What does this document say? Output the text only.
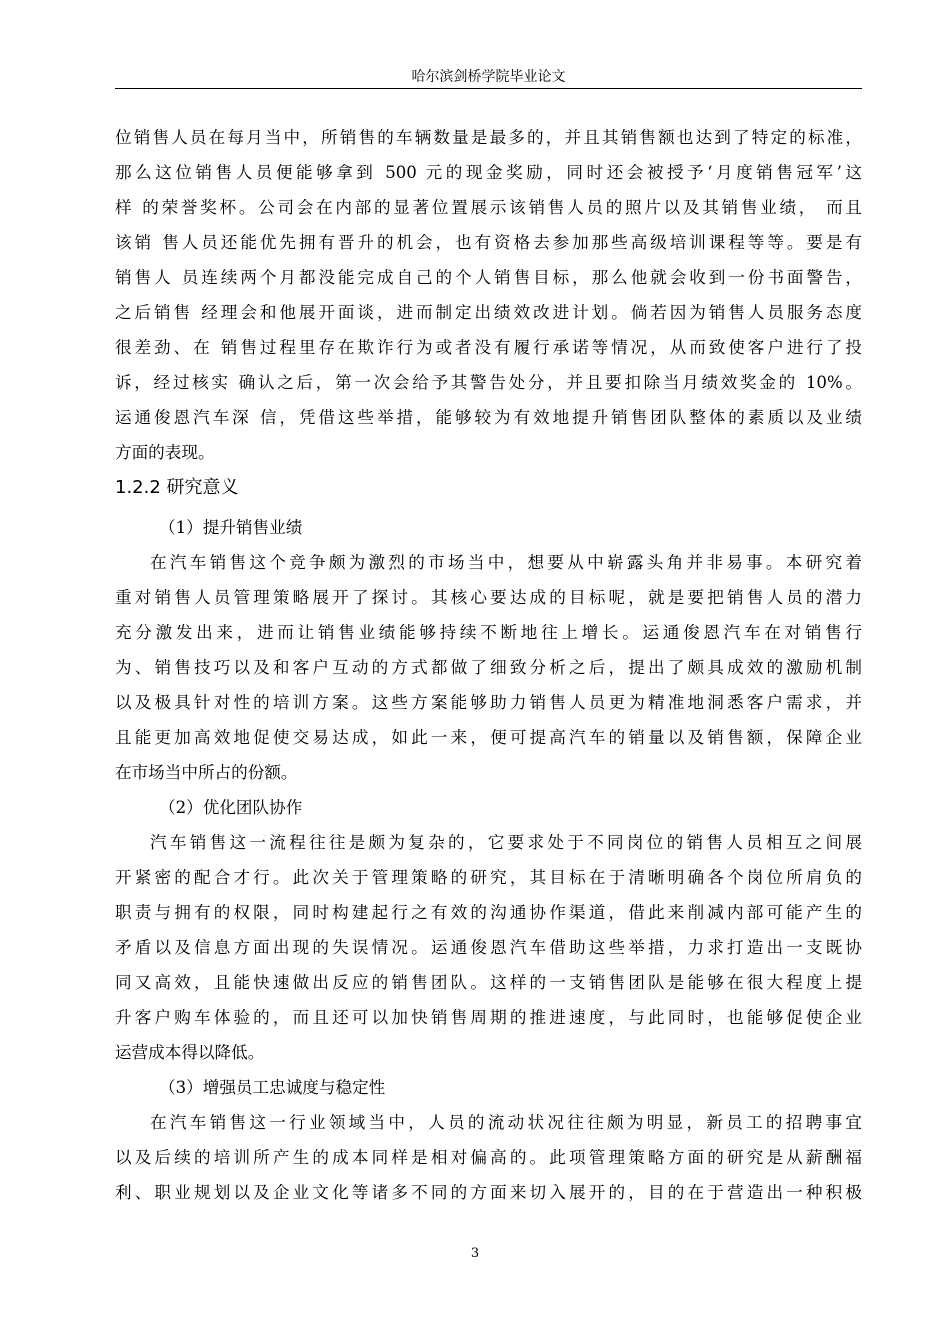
哈尔滨剑桥学院毕业论文
位销售人员在每月当中，所销售的车辆数量是最多的，并且其销售额也达到了特定的标准，
那么这位销售人员便能够拿到 500 元的现金奖励，同时还会被授予‘月度销售冠军’这
样 的荣誉奖杯。公司会在内部的显著位置展示该销售人员的照片以及其销售业绩， 而且
该销 售人员还能优先拥有晋升的机会，也有资格去参加那些高级培训课程等等。要是有
销售人 员连续两个月都没能完成自己的个人销售目标，那么他就会收到一份书面警告，
之后销售 经理会和他展开面谈，进而制定出绩效改进计划。倘若因为销售人员服务态度
很差劲、在 销售过程里存在欺诈行为或者没有履行承诺等情况，从而致使客户进行了投
诉，经过核实 确认之后，第一次会给予其警告处分，并且要扣除当月绩效奖金的 10%。
运通俊恩汽车深 信，凭借这些举措，能够较为有效地提升销售团队整体的素质以及业绩
方面的表现。
1.2.2 研究意义
（1）提升销售业绩
在汽车销售这个竞争颇为激烈的市场当中，想要从中崭露头角并非易事。本研究着
重对销售人员管理策略展开了探讨。其核心要达成的目标呢，就是要把销售人员的潜力
充分激发出来，进而让销售业绩能够持续不断地往上增长。运通俊恩汽车在对销售行
为、销售技巧以及和客户互动的方式都做了细致分析之后，提出了颇具成效的激励机制
以及极具针对性的培训方案。这些方案能够助力销售人员更为精准地洞悉客户需求，并
且能更加高效地促使交易达成，如此一来，便可提高汽车的销量以及销售额，保障企业
在市场当中所占的份额。
（2）优化团队协作
汽车销售这一流程往往是颇为复杂的，它要求处于不同岗位的销售人员相互之间展
开紧密的配合才行。此次关于管理策略的研究，其目标在于清晰明确各个岗位所肩负的
职责与拥有的权限，同时构建起行之有效的沟通协作渠道，借此来削减内部可能产生的
矛盾以及信息方面出现的失误情况。运通俊恩汽车借助这些举措，力求打造出一支既协
同又高效，且能快速做出反应的销售团队。这样的一支销售团队是能够在很大程度上提
升客户购车体验的，而且还可以加快销售周期的推进速度，与此同时，也能够促使企业
运营成本得以降低。
（3）增强员工忠诚度与稳定性
在汽车销售这一行业领域当中，人员的流动状况往往颇为明显，新员工的招聘事宜
以及后续的培训所产生的成本同样是相对偏高的。此项管理策略方面的研究是从薪酬福
利、职业规划以及企业文化等诸多不同的方面来切入展开的，目的在于营造出一种积极
3
